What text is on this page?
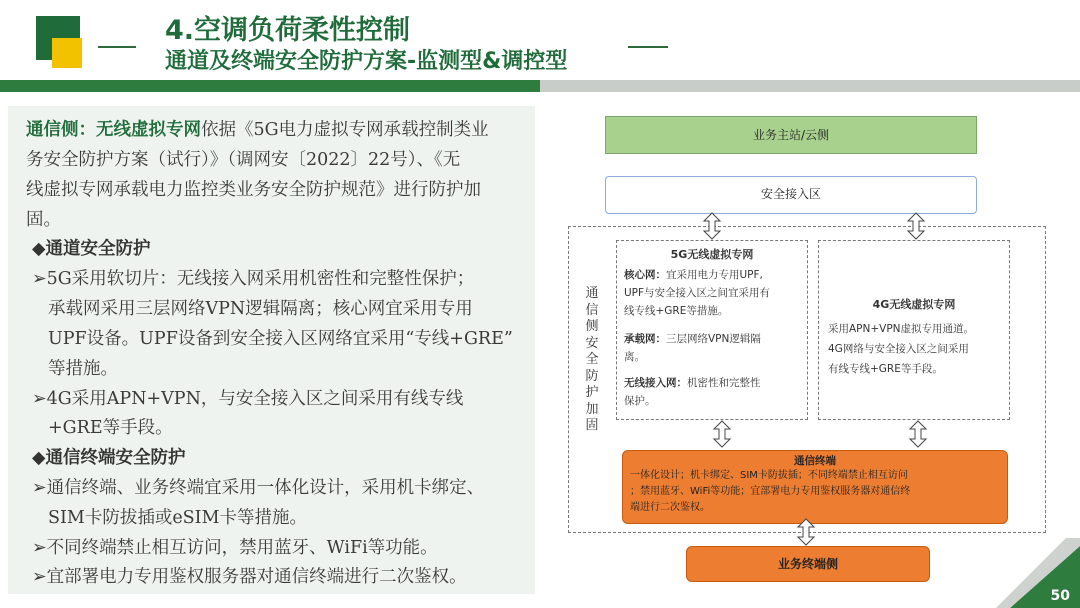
4.空调负荷柔性控制
通道及终端安全防护方案-监测型&调控型
通信侧：无线虚拟专网依据《5G电力虚拟专网承载控制类业
务安全防护方案（试行）》（调网安〔2022〕22号）、《无
线虚拟专网承载电力监控类业务安全防护规范》进行防护加
固。
◆通道安全防护
➢5G采用软切片：无线接入网采用机密性和完整性保护；
承载网采用三层网络VPN逻辑隔离；核心网宜采用专用
UPF设备。UPF设备到安全接入区网络宜采用“专线+GRE”
等措施。
➢4G采用APN+VPN，与安全接入区之间采用有线专线
+GRE等手段。
◆通信终端安全防护
➢通信终端、业务终端宜采用一体化设计，采用机卡绑定、
SIM卡防拔插或eSIM卡等措施。
➢不同终端禁止相互访问，禁用蓝牙、WiFi等功能。
➢宜部署电力专用鉴权服务器对通信终端进行二次鉴权。
业务主站/云侧
安全接入区
通
信
侧
安
全
防
护
加
固
5G无线虚拟专网
核心网：宜采用电力专用UPF,
UPF与安全接入区之间宜采用有
线专线+GRE等措施。
承载网：三层网络VPN逻辑隔
离。
无线接入网：机密性和完整性
保护。
4G无线虚拟专网
采用APN+VPN虚拟专用通道。
4G网络与安全接入区之间采用
有线专线+GRE等手段。
通信终端
一体化设计；机卡绑定、SIM卡防拔插；不同终端禁止相互访问
；禁用蓝牙、WiFi等功能；宜部署电力专用鉴权服务器对通信终
端进行二次鉴权。
业务终端侧
50
